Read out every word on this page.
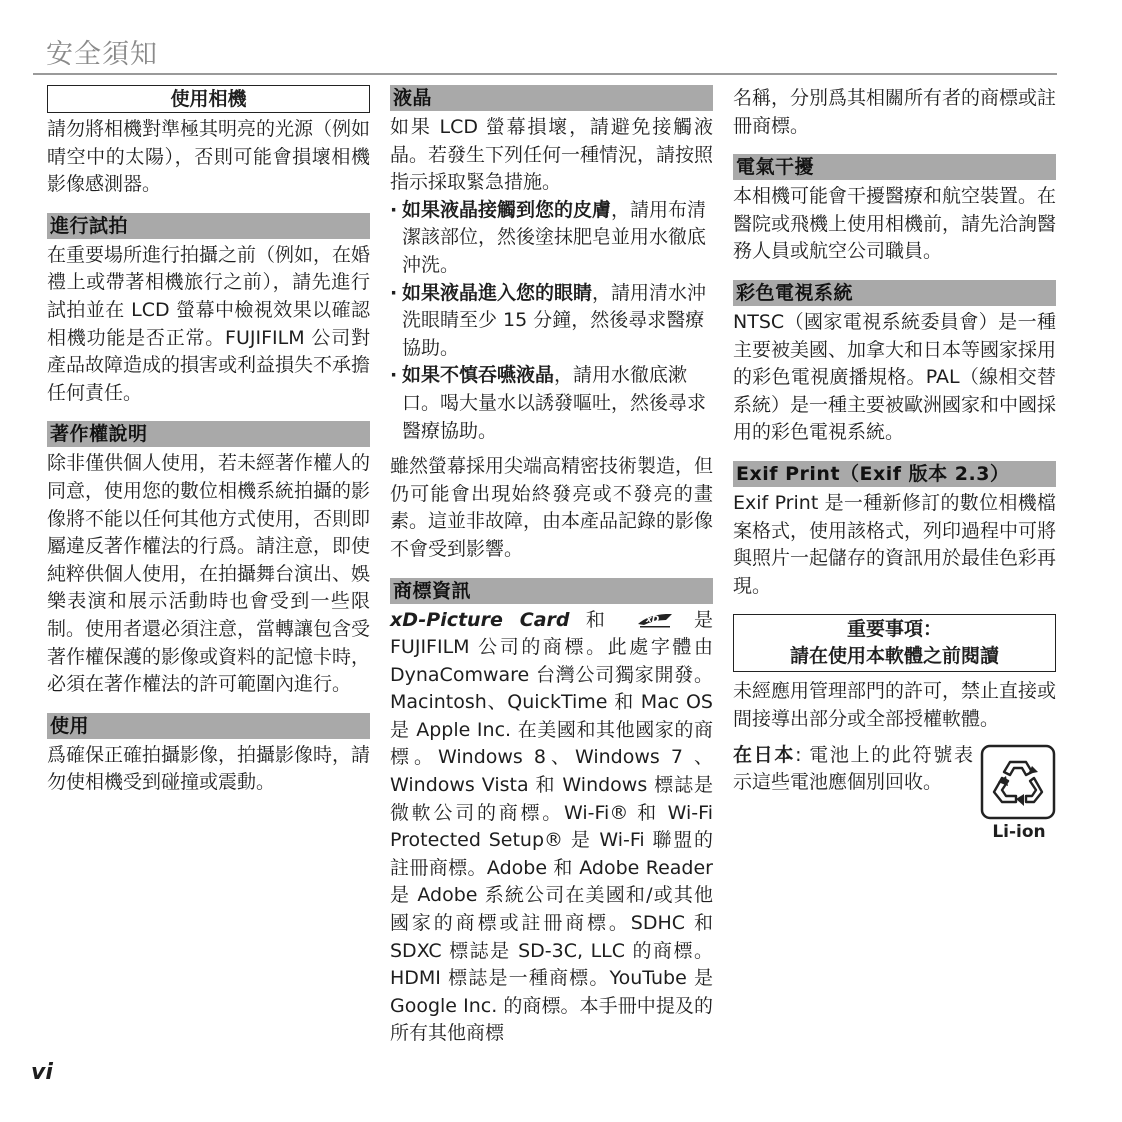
安全須知
使用相機

請勿將相機對準極其明亮的光源（例如晴空中的太陽），否則可能會損壞相機影像感測器。

進行試拍

在重要場所進行拍攝之前（例如，在婚禮上或帶著相機旅行之前），請先進行試拍並在 LCD 螢幕中檢視效果以確認相機功能是否正常。FUJIFILM 公司對產品故障造成的損害或利益損失不承擔任何責任。

著作權說明

除非僅供個人使用，若未經著作權人的同意，使用您的數位相機系統拍攝的影像將不能以任何其他方式使用，否則即屬違反著作權法的行爲。請注意，即使純粹供個人使用，在拍攝舞台演出、娛樂表演和展示活動時也會受到一些限制。使用者還必須注意，當轉讓包含受著作權保護的影像或資料的記憶卡時，必須在著作權法的許可範圍內進行。

使用

爲確保正確拍攝影像，拍攝影像時，請勿使相機受到碰撞或震動。

液晶

如果 LCD 螢幕損壞，請避免接觸液晶。若發生下列任何一種情況，請按照指示採取緊急措施。

· 如果液晶接觸到您的皮膚，請用布清潔該部位，然後塗抹肥皂並用水徹底沖洗。
· 如果液晶進入您的眼睛，請用清水沖洗眼睛至少 15 分鐘，然後尋求醫療協助。
· 如果不慎吞嚥液晶，請用水徹底漱口。喝大量水以誘發嘔吐，然後尋求醫療協助。

雖然螢幕採用尖端高精密技術製造，但仍可能會出現始終發亮或不發亮的畫素。這並非故障，由本產品記錄的影像不會受到影響。

商標資訊

xD-Picture Card 和	xD 是 FUJIFILM 公司的商標。此處字體由 DynaComware 台灣公司獨家開發。Macintosh、QuickTime 和 Mac OS 是 Apple Inc. 在美國和其他國家的商標。Windows 8、Windows 7 、Windows Vista 和 Windows 標誌是微軟公司的商標。Wi-Fi® 和 Wi-Fi Protected Setup® 是 Wi-Fi 聯盟的註冊商標。Adobe 和 Adobe Reader 是 Adobe 系統公司在美國和/或其他國家的商標或註冊商標。SDHC 和 SDXC 標誌是 SD-3C, LLC 的商標。HDMI 標誌是一種商標。YouTube 是 Google Inc. 的商標。本手冊中提及的所有其他商標

名稱，分別爲其相關所有者的商標或註冊商標。

電氣干擾

本相機可能會干擾醫療和航空裝置。在醫院或飛機上使用相機前，請先洽詢醫務人員或航空公司職員。

彩色電視系統

NTSC（國家電視系統委員會）是一種主要被美國、加拿大和日本等國家採用的彩色電視廣播規格。PAL（線相交替系統）是一種主要被歐洲國家和中國採用的彩色電視系統。

Exif Print（Exif 版本 2.3）

Exif Print 是一種新修訂的數位相機檔案格式，使用該格式，列印過程中可將與照片一起儲存的資訊用於最佳色彩再現。

重要事項：
請在使用本軟體之前閱讀

未經應用管理部門的許可，禁止直接或間接導出部分或全部授權軟體。

在日本: 電池上的此符號表示這些電池應個別回收。

Li-ion
vi
